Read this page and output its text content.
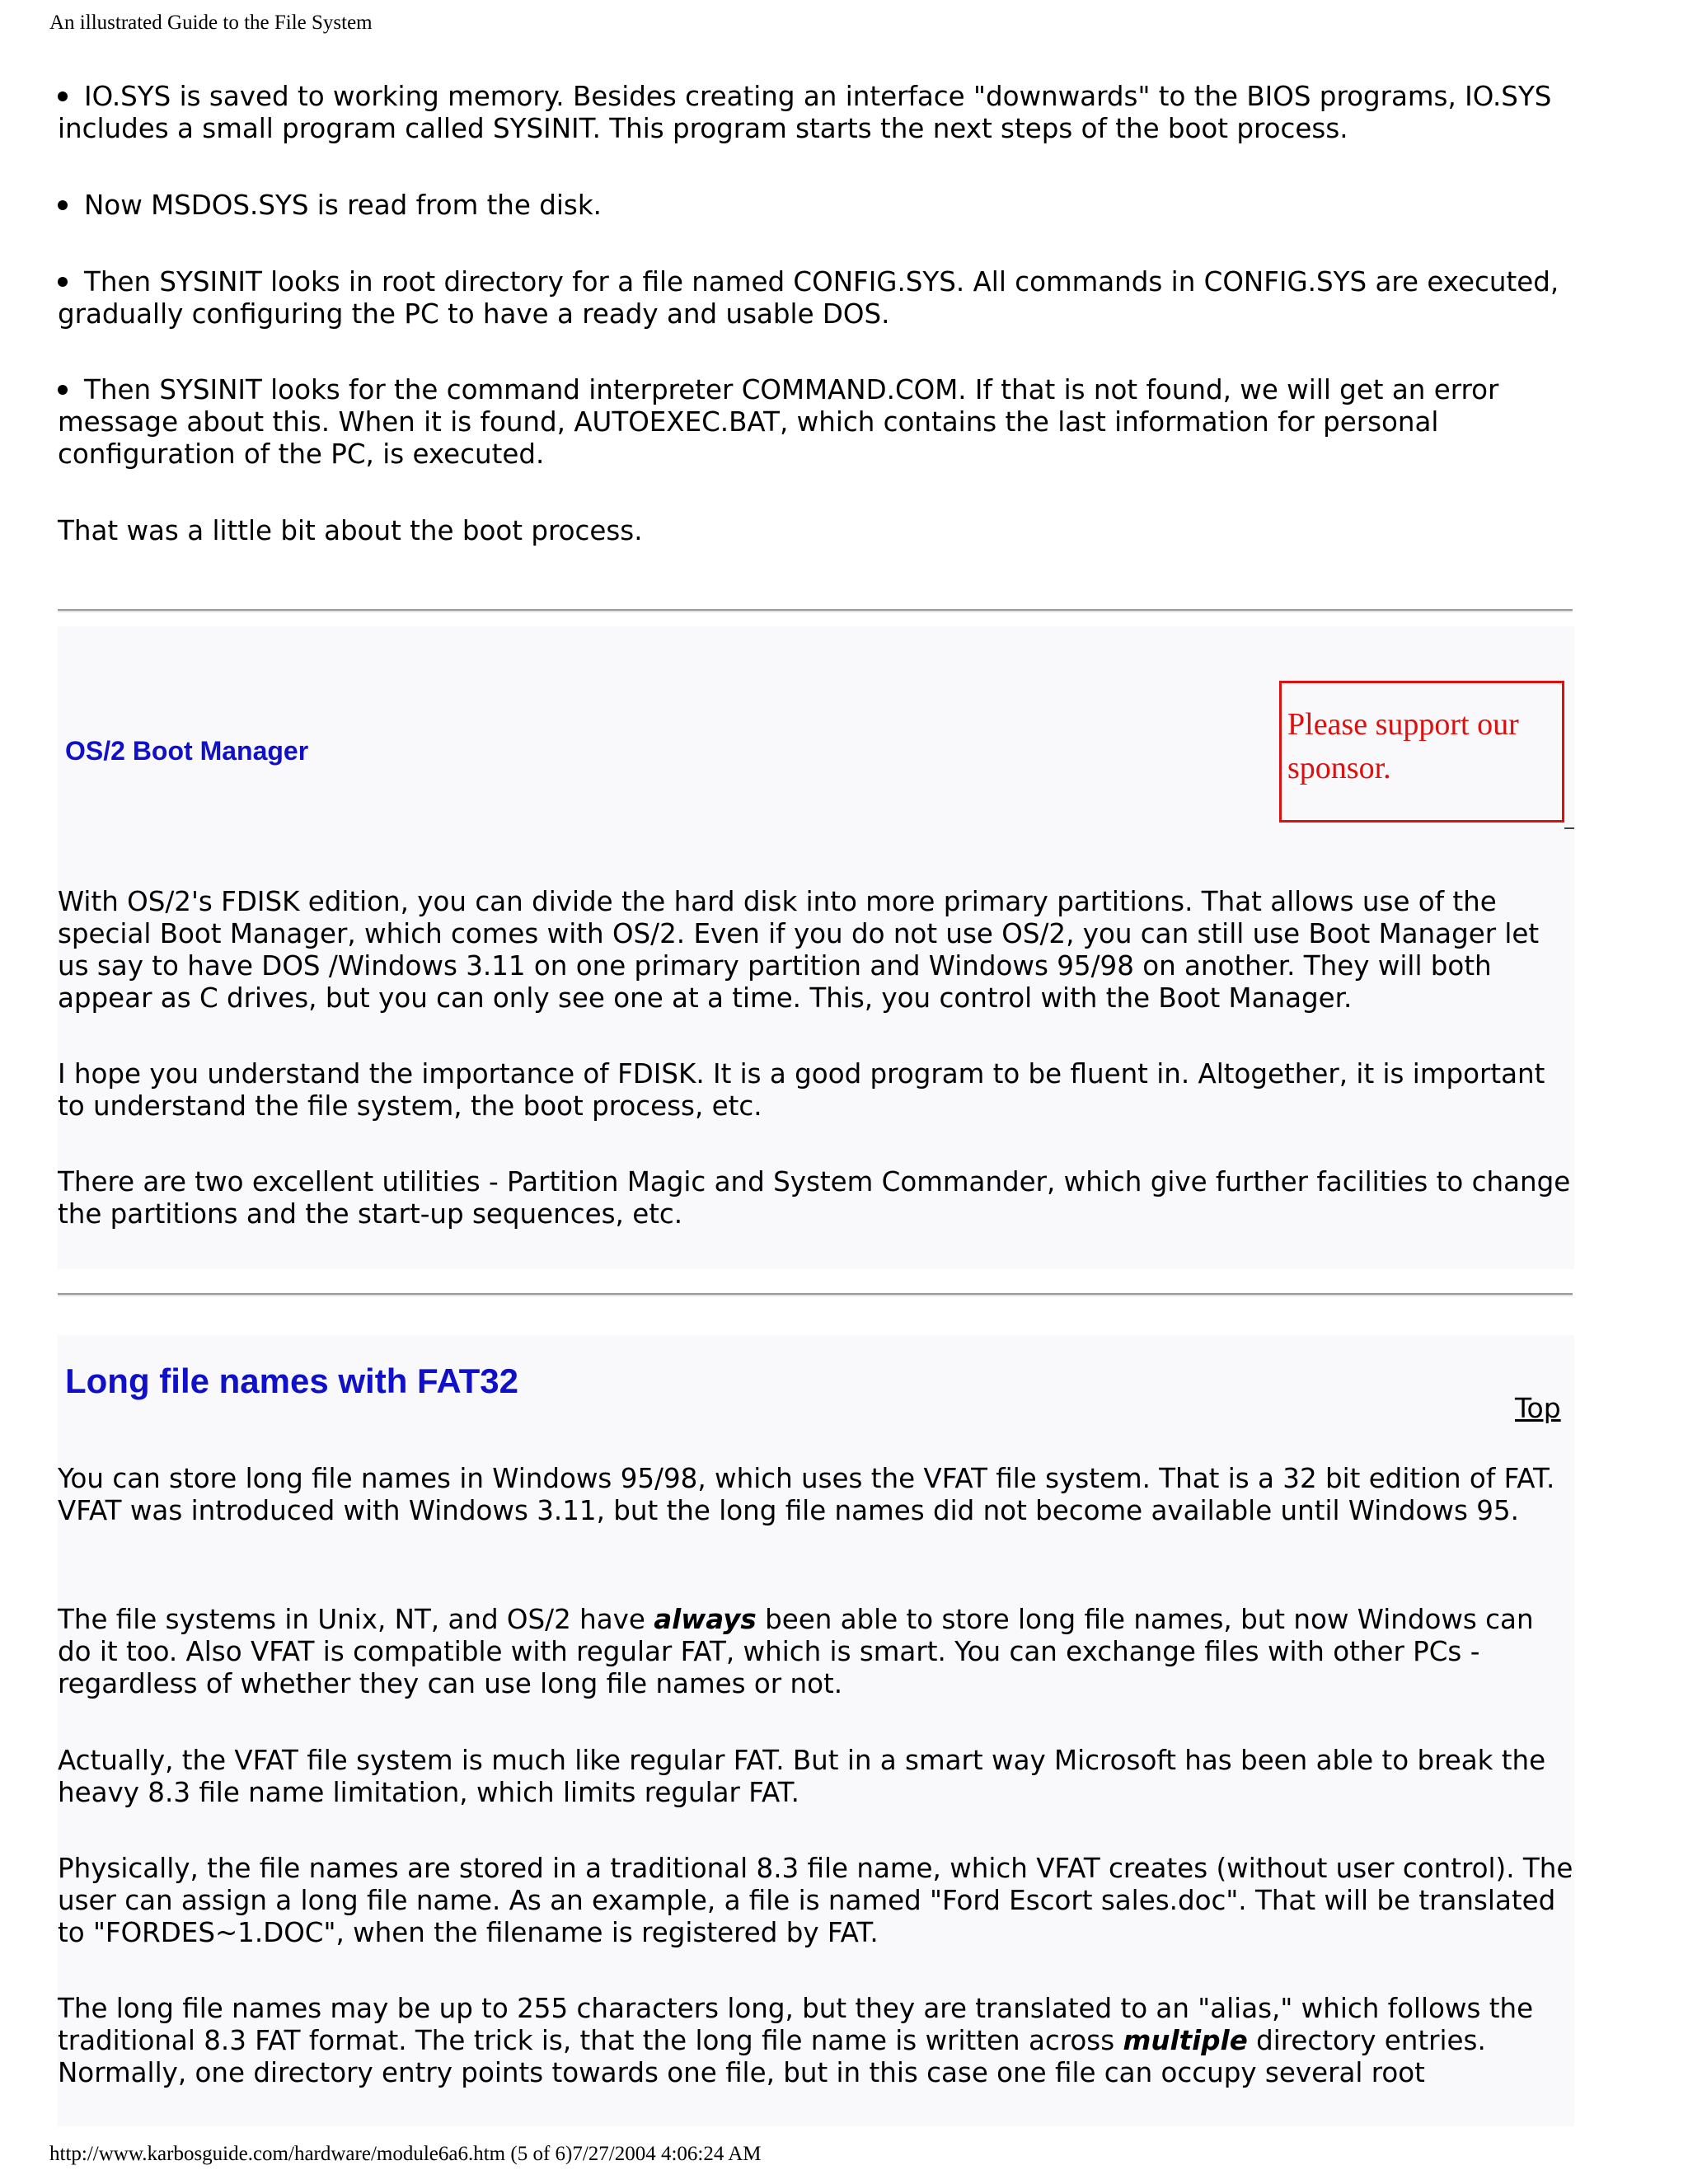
An illustrated Guide to the File System

IO.SYS is saved to working memory. Besides creating an interface "downwards" to the BIOS programs, IO.SYS includes a small program called SYSINIT. This program starts the next steps of the boot process.

Now MSDOS.SYS is read from the disk.

Then SYSINIT looks in root directory for a file named CONFIG.SYS. All commands in CONFIG.SYS are executed, gradually configuring the PC to have a ready and usable DOS.

Then SYSINIT looks for the command interpreter COMMAND.COM. If that is not found, we will get an error message about this. When it is found, AUTOEXEC.BAT, which contains the last information for personal configuration of the PC, is executed.

That was a little bit about the boot process.

OS/2 Boot Manager
Please support our sponsor.

With OS/2's FDISK edition, you can divide the hard disk into more primary partitions. That allows use of the special Boot Manager, which comes with OS/2. Even if you do not use OS/2, you can still use Boot Manager let us say to have DOS /Windows 3.11 on one primary partition and Windows 95/98 on another. They will both appear as C drives, but you can only see one at a time. This, you control with the Boot Manager.

I hope you understand the importance of FDISK. It is a good program to be fluent in. Altogether, it is important to understand the file system, the boot process, etc.

There are two excellent utilities - Partition Magic and System Commander, which give further facilities to change the partitions and the start-up sequences, etc.

Long file names with FAT32
Top

You can store long file names in Windows 95/98, which uses the VFAT file system. That is a 32 bit edition of FAT. VFAT was introduced with Windows 3.11, but the long file names did not become available until Windows 95.

The file systems in Unix, NT, and OS/2 have always been able to store long file names, but now Windows can do it too. Also VFAT is compatible with regular FAT, which is smart. You can exchange files with other PCs - regardless of whether they can use long file names or not.

Actually, the VFAT file system is much like regular FAT. But in a smart way Microsoft has been able to break the heavy 8.3 file name limitation, which limits regular FAT.

Physically, the file names are stored in a traditional 8.3 file name, which VFAT creates (without user control). The user can assign a long file name. As an example, a file is named "Ford Escort sales.doc". That will be translated to "FORDES~1.DOC", when the filename is registered by FAT.

The long file names may be up to 255 characters long, but they are translated to an "alias," which follows the traditional 8.3 FAT format. The trick is, that the long file name is written across multiple directory entries. Normally, one directory entry points towards one file, but in this case one file can occupy several root

http://www.karbosguide.com/hardware/module6a6.htm (5 of 6)7/27/2004 4:06:24 AM
